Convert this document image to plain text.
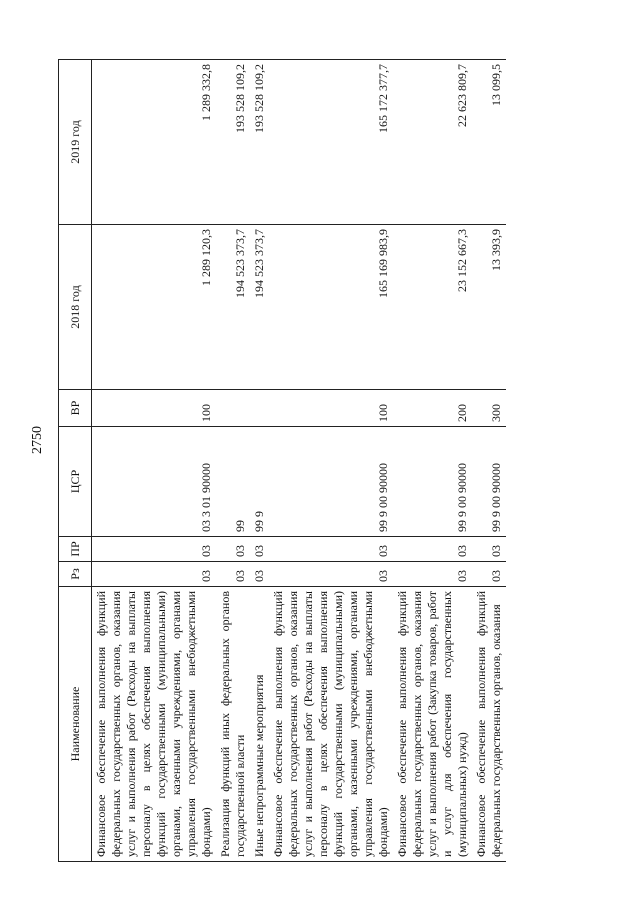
2750
Наименование	Рз	ПР	ЦСР	ВР	2018 год	2019 год
Финансовое обеспечение выполнения функций федеральных государственных органов, оказания услуг и выполнения работ (Расходы на выплаты персоналу в целях обеспечения выполнения функций государственными (муниципальными) органами, казенными учреждениями, органами управления государственными внебюджетными фондами)	03	03	03 3 01 90000	100	1 289 120,3	1 289 332,8
Реализация функций иных федеральных органов государственной власти	03	03	99		194 523 373,7	193 528 109,2
Иные непрограммные мероприятия	03	03	99 9		194 523 373,7	193 528 109,2
Финансовое обеспечение выполнения функций федеральных государственных органов, оказания услуг и выполнения работ (Расходы на выплаты персоналу в целях обеспечения выполнения функций государственными (муниципальными) органами, казенными учреждениями, органами управления государственными внебюджетными фондами)	03	03	99 9 00 90000	100	165 169 983,9	165 172 377,7
Финансовое обеспечение выполнения функций федеральных государственных органов, оказания услуг и выполнения работ (Закупка товаров, работ и услуг для обеспечения государственных (муниципальных) нужд)	03	03	99 9 00 90000	200	23 152 667,3	22 623 809,7
Финансовое обеспечение выполнения функций федеральных государственных органов, оказания	03	03	99 9 00 90000	300	13 393,9	13 099,5
